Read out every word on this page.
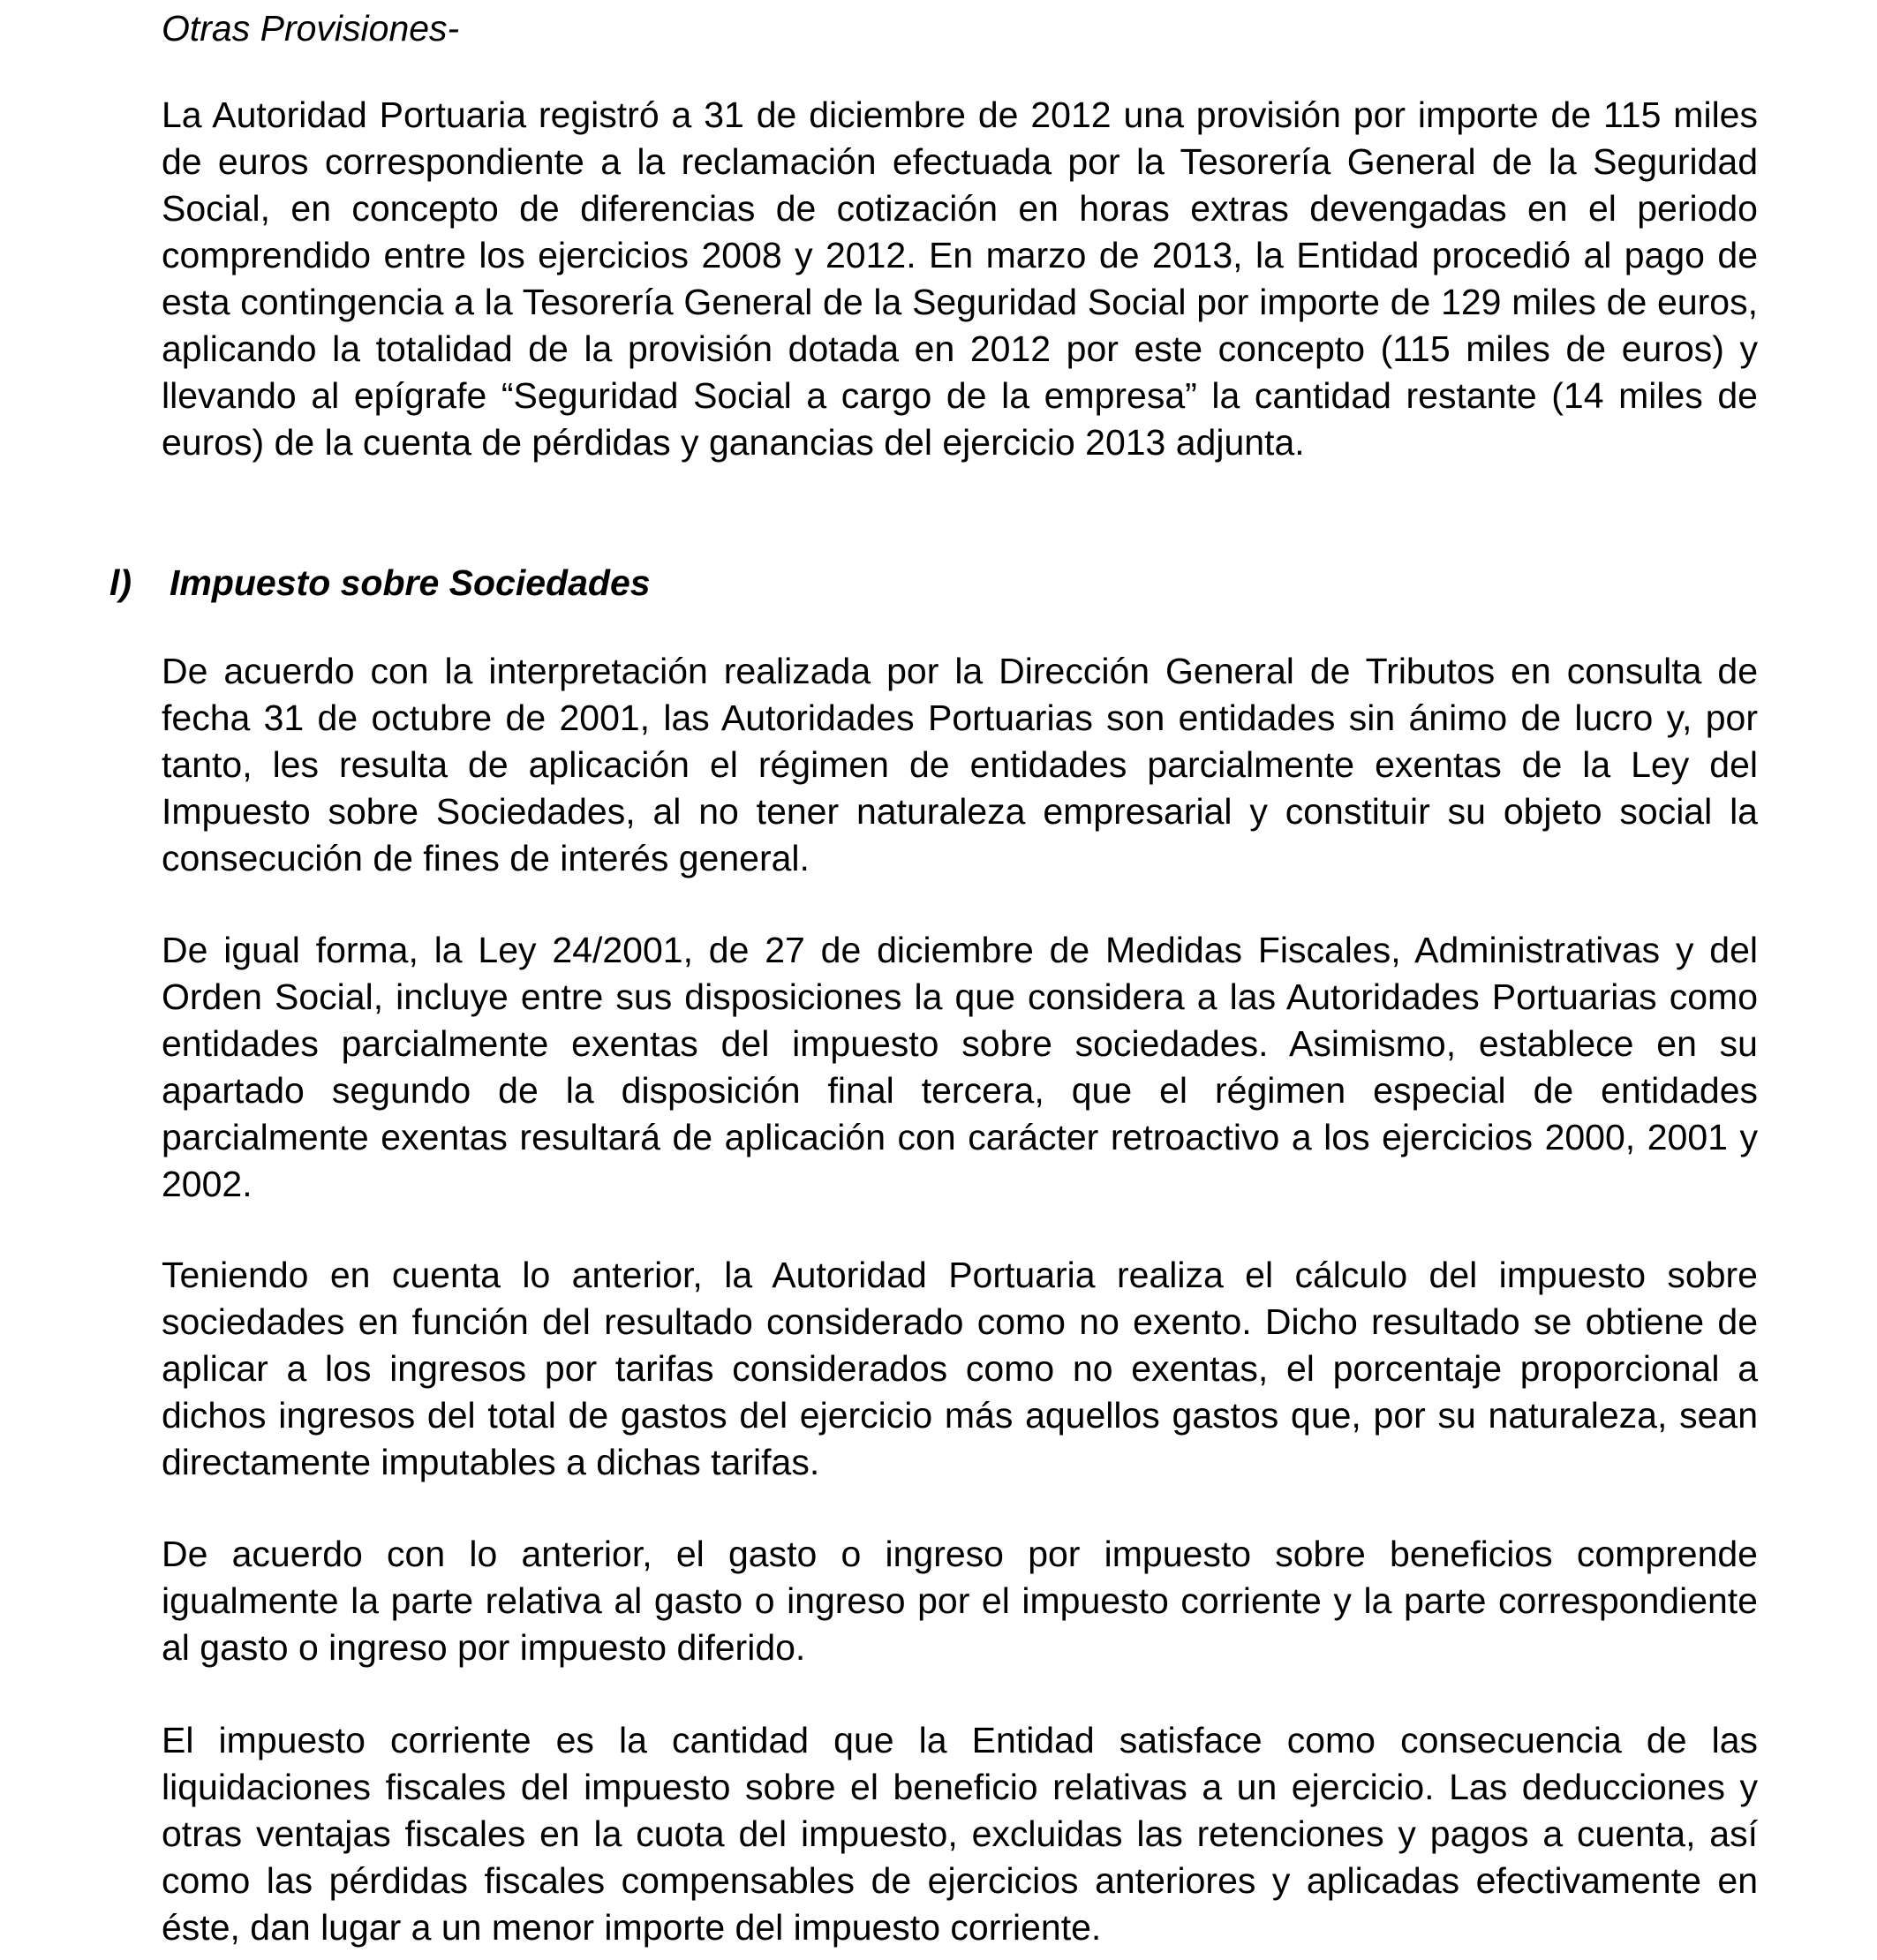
Otras Provisiones-

La Autoridad Portuaria registró a 31 de diciembre de 2012 una provisión por importe de 115 miles de euros correspondiente a la reclamación efectuada por la Tesorería General de la Seguridad Social, en concepto de diferencias de cotización en horas extras devengadas en el periodo comprendido entre los ejercicios 2008 y 2012. En marzo de 2013, la Entidad procedió al pago de esta contingencia a la Tesorería General de la Seguridad Social por importe de 129 miles de euros, aplicando la totalidad de la provisión dotada en 2012 por este concepto (115 miles de euros) y llevando al epígrafe “Seguridad Social a cargo de la empresa” la cantidad restante (14 miles de euros) de la cuenta de pérdidas y ganancias del ejercicio 2013 adjunta.

l) Impuesto sobre Sociedades

De acuerdo con la interpretación realizada por la Dirección General de Tributos en consulta de fecha 31 de octubre de 2001, las Autoridades Portuarias son entidades sin ánimo de lucro y, por tanto, les resulta de aplicación el régimen de entidades parcialmente exentas de la Ley del Impuesto sobre Sociedades, al no tener naturaleza empresarial y constituir su objeto social la consecución de fines de interés general.

De igual forma, la Ley 24/2001, de 27 de diciembre de Medidas Fiscales, Administrativas y del Orden Social, incluye entre sus disposiciones la que considera a las Autoridades Portuarias como entidades parcialmente exentas del impuesto sobre sociedades. Asimismo, establece en su apartado segundo de la disposición final tercera, que el régimen especial de entidades parcialmente exentas resultará de aplicación con carácter retroactivo a los ejercicios 2000, 2001 y 2002.

Teniendo en cuenta lo anterior, la Autoridad Portuaria realiza el cálculo del impuesto sobre sociedades en función del resultado considerado como no exento. Dicho resultado se obtiene de aplicar a los ingresos por tarifas considerados como no exentas, el porcentaje proporcional a dichos ingresos del total de gastos del ejercicio más aquellos gastos que, por su naturaleza, sean directamente imputables a dichas tarifas.

De acuerdo con lo anterior, el gasto o ingreso por impuesto sobre beneficios comprende igualmente la parte relativa al gasto o ingreso por el impuesto corriente y la parte correspondiente al gasto o ingreso por impuesto diferido.

El impuesto corriente es la cantidad que la Entidad satisface como consecuencia de las liquidaciones fiscales del impuesto sobre el beneficio relativas a un ejercicio. Las deducciones y otras ventajas fiscales en la cuota del impuesto, excluidas las retenciones y pagos a cuenta, así como las pérdidas fiscales compensables de ejercicios anteriores y aplicadas efectivamente en éste, dan lugar a un menor importe del impuesto corriente.
